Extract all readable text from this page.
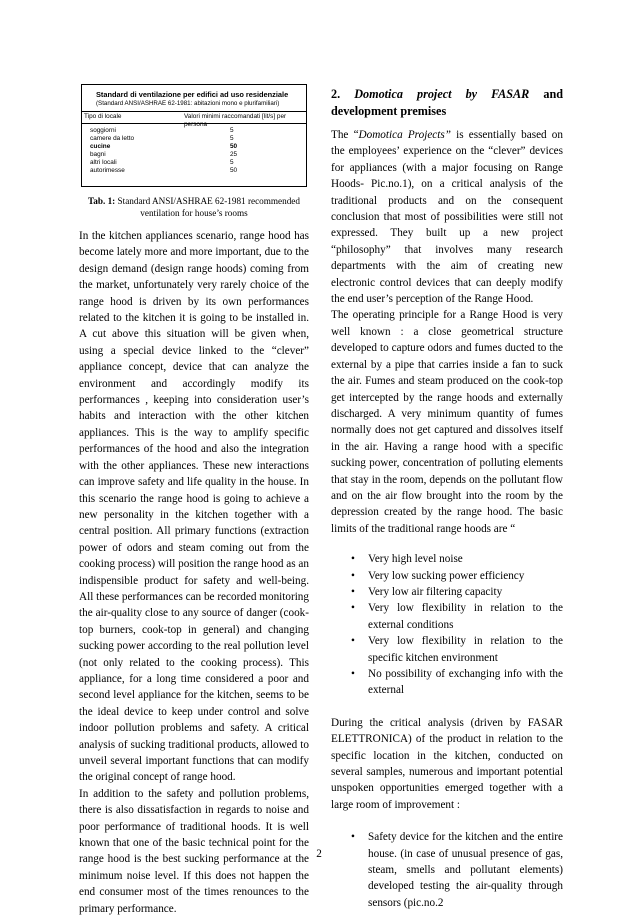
Standard di ventilazione per edifici ad uso residenziale
(Standard ANSI/ASHRAE 62-1981: abitazioni mono e plurifamiliari)
Tipo di locale	Valori minimi raccomandati [lit/s] per persona
soggiorni	5
camere da letto	5
cucine	50
bagni	25
altri locali	5
autorimesse	50
Tab. 1: Standard ANSI/ASHRAE 62-1981 recommended ventilation for house’s rooms

In the kitchen appliances scenario, range hood has become lately more and more important, due to the design demand (design range hoods) coming from the market, unfortunately very rarely choice of the range hood is driven by its own performances related to the kitchen it is going to be installed in. A cut above this situation will be given when, using a special device linked to the “clever” appliance concept, device that can analyze the environment and accordingly modify its performances , keeping into consideration user’s habits and interaction with the other kitchen appliances. This is the way to amplify specific performances of the hood and also the integration with the other appliances. These new interactions can improve safety and life quality in the house. In this scenario the range hood is going to achieve a new personality in the kitchen together with a central position. All primary functions (extraction power of odors and steam coming out from the cooking process) will position the range hood as an indispensible product for safety and well-being. All these performances can be recorded monitoring the air-quality close to any source of danger (cook-top burners, cook-top in general) and changing sucking power according to the real pollution level (not only related to the cooking process). This appliance, for a long time considered a poor and second level appliance for the kitchen, seems to be the ideal device to keep under control and solve indoor pollution problems and safety. A critical analysis of sucking traditional products, allowed to unveil several important functions that can modify the original concept of range hood.

In addition to the safety and pollution problems, there is also dissatisfaction in regards to noise and poor performance of traditional hoods. It is well known that one of the basic technical point for the range hood is the best sucking performance at the minimum noise level. If this does not happen the end consumer most of the times renounces to the primary performance.

2. Domotica project by FASAR and development premises

The “Domotica Projects” is essentially based on the employees’ experience on the “clever” devices for appliances (with a major focusing on Range Hoods- Pic.no.1), on a critical analysis of the traditional products and on the consequent conclusion that most of possibilities were still not expressed. They built up a new project “philosophy” that involves many research departments with the aim of creating new electronic control devices that can deeply modify the end user’s perception of the Range Hood.

The operating principle for a Range Hood is very well known : a close geometrical structure developed to capture odors and fumes ducted to the external by a pipe that carries inside a fan to suck the air. Fumes and steam produced on the cook-top get intercepted by the range hoods and externally discharged. A very minimum quantity of fumes normally does not get captured and dissolves itself in the air. Having a range hood with a specific sucking power, concentration of polluting elements that stay in the room, depends on the pollutant flow and on the air flow brought into the room by the depression created by the range hood. The basic limits of the traditional range hoods are “

• Very high level noise
• Very low sucking power efficiency
• Very low air filtering capacity
• Very low flexibility in relation to the external conditions
• Very low flexibility in relation to the specific kitchen environment
• No possibility of exchanging info with the external

During the critical analysis (driven by FASAR ELETTRONICA) of the product in relation to the specific location in the kitchen, conducted on several samples, numerous and important potential unspoken opportunities emerged together with a large room of improvement :

• Safety device for the kitchen and the entire house. (in case of unusual presence of gas, steam, smells and pollutant elements) developed testing the air-quality through sensors (pic.no.2
2
